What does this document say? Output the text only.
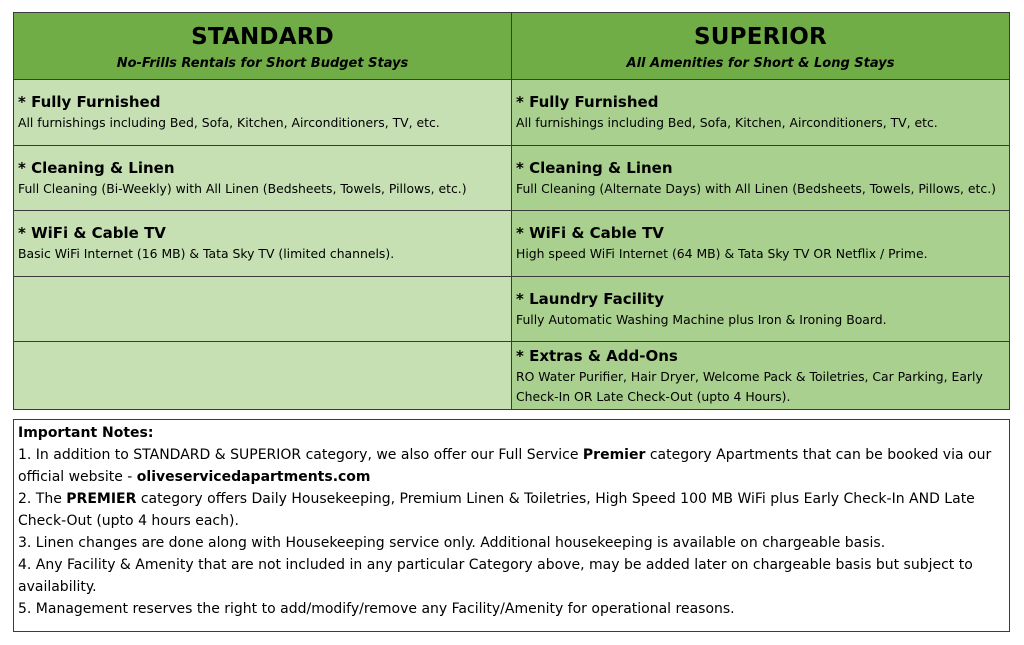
STANDARD
No-Frills Rentals for Short Budget Stays
SUPERIOR
All Amenities for Short & Long Stays
* Fully Furnished
All furnishings including Bed, Sofa, Kitchen, Airconditioners, TV, etc.
* Fully Furnished
All furnishings including Bed, Sofa, Kitchen, Airconditioners, TV, etc.
* Cleaning & Linen
Full Cleaning (Bi-Weekly) with All Linen (Bedsheets, Towels, Pillows, etc.)
* Cleaning & Linen
Full Cleaning (Alternate Days) with All Linen (Bedsheets, Towels, Pillows, etc.)
* WiFi & Cable TV
Basic WiFi Internet (16 MB) & Tata Sky TV (limited channels).
* WiFi & Cable TV
High speed WiFi Internet (64 MB) & Tata Sky TV OR Netflix / Prime.
* Laundry Facility
Fully Automatic Washing Machine plus Iron & Ironing Board.
* Extras & Add-Ons
RO Water Purifier, Hair Dryer, Welcome Pack & Toiletries, Car Parking, Early Check-In OR Late Check-Out (upto 4 Hours).
Important Notes:
1. In addition to STANDARD & SUPERIOR category, we also offer our Full Service Premier category Apartments that can be booked via our official website - oliveservicedapartments.com
2. The PREMIER category offers Daily Housekeeping, Premium Linen & Toiletries, High Speed 100 MB WiFi plus Early Check-In AND Late Check-Out (upto 4 hours each).
3. Linen changes are done along with Housekeeping service only. Additional housekeeping is available on chargeable basis.
4. Any Facility & Amenity that are not included in any particular Category above, may be added later on chargeable basis but subject to availability.
5. Management reserves the right to add/modify/remove any Facility/Amenity for operational reasons.
